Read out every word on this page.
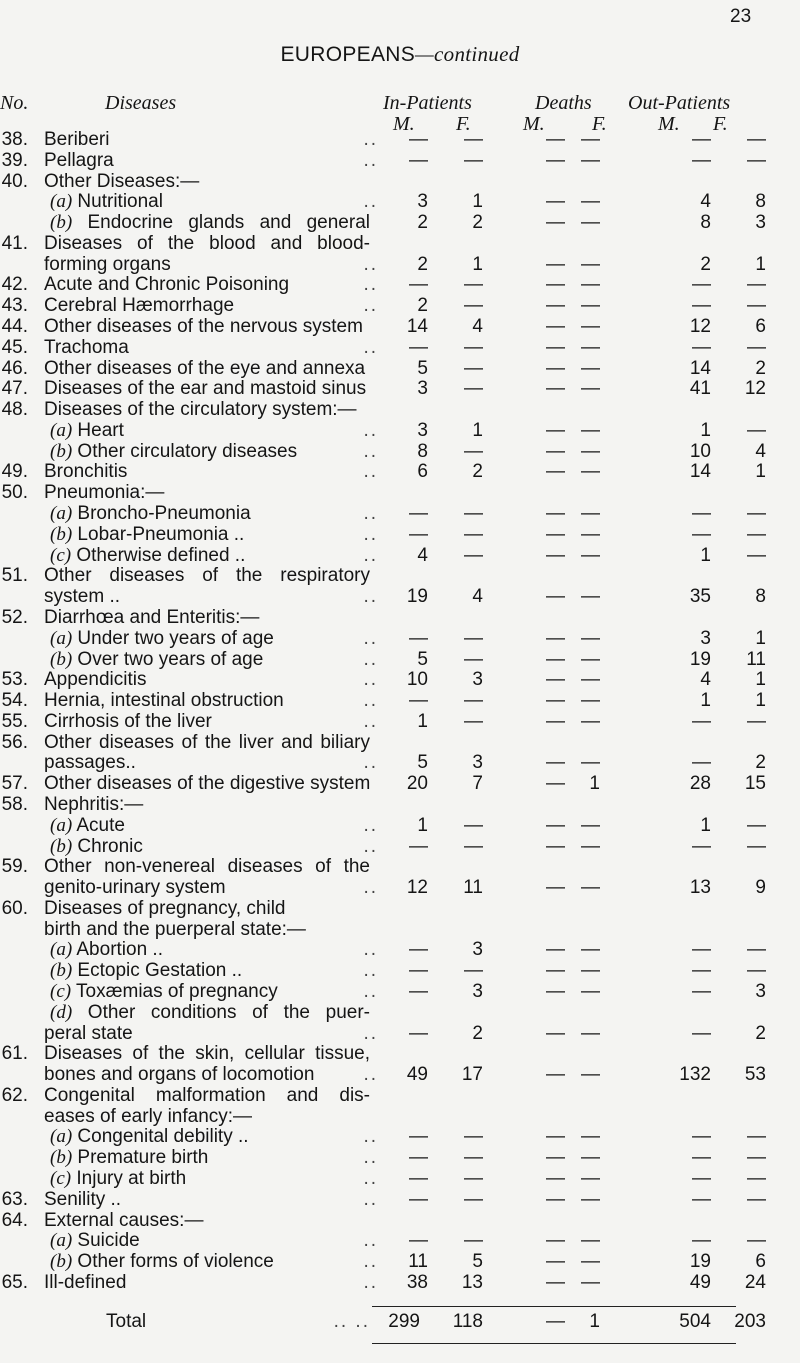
23
EUROPEANS—continued
No.	Diseases	In-Patients	Deaths Out-Patients
M. F.	M. F.	M. F.
38. Beriberi	..	—	—	— —	—	—
39. Pellagra	..	—	—	— —	—	—
40. Other Diseases:—
(a) Nutritional	..	3	1	— —	4	8
(b) Endocrine glands and general	2	2	— —	8	3
41. Diseases of the blood and blood-
forming organs	..	2	1	— —	2	1
42. Acute and Chronic Poisoning	..	—	—	— —	—	—
43. Cerebral Hæmorrhage	..	2	—	— —	—	—
44. Other diseases of the nervous system	14	4	— —	12	6
45. Trachoma	..	—	—	— —	—	—
46. Other diseases of the eye and annexa	5	—	— —	14	2
47. Diseases of the ear and mastoid sinus	3	—	— —	41	12
48. Diseases of the circulatory system:—
(a) Heart	..	3	1	— —	1	—
(b) Other circulatory diseases	..	8	—	— —	10	4
49. Bronchitis	..	6	2	— —	14	1
50. Pneumonia:—
(a) Broncho-Pneumonia	..	—	—	— —	—	—
(b) Lobar-Pneumonia ..	..	—	—	— —	—	—
(c) Otherwise defined ..	..	4	—	— —	1	—
51. Other diseases of the respiratory
system ..	..	19	4	— —	35	8
52. Diarrhœa and Enteritis:—
(a) Under two years of age	..	—	—	— —	3	1
(b) Over two years of age	..	5	—	— —	19	11
53. Appendicitis	..	10	3	— —	4	1
54. Hernia, intestinal obstruction	..	—	—	— —	1	1
55. Cirrhosis of the liver	..	1	—	— —	—	—
56. Other diseases of the liver and biliary
passages..	..	5	3	— —	—	2
57. Other diseases of the digestive system	20	7	—	1	28	15
58. Nephritis:—
(a) Acute	..	1	—	— —	1	—
(b) Chronic	..	—	—	— —	—	—
59. Other non-venereal diseases of the
genito-urinary system	..	12	11	— —	13	9
60. Diseases of pregnancy, child
birth and the puerperal state:—
(a) Abortion ..	..	—	3	— —	—	—
(b) Ectopic Gestation ..	..	—	—	— —	—	—
(c) Toxæmias of pregnancy	..	—	3	— —	—	3
(d) Other conditions of the puer-
peral state	..	—	2	— —	—	2
61. Diseases of the skin, cellular tissue,
bones and organs of locomotion	..	49	17	— —	132	53
62. Congenital malformation and dis-
eases of early infancy:—
(a) Congenital debility ..	..	—	—	— —	—	—
(b) Premature birth	..	—	—	— —	—	—
(c) Injury at birth	..	—	—	— —	—	—
63. Senility ..	..	—	—	— —	—	—
64. External causes:—
(a) Suicide	..	—	—	— —	—	—
(b) Other forms of violence	..	11	5	— —	19	6
65. Ill-defined	..	38	13	— —	49	24
Total	.. .. 299	118	—	1	504	203
